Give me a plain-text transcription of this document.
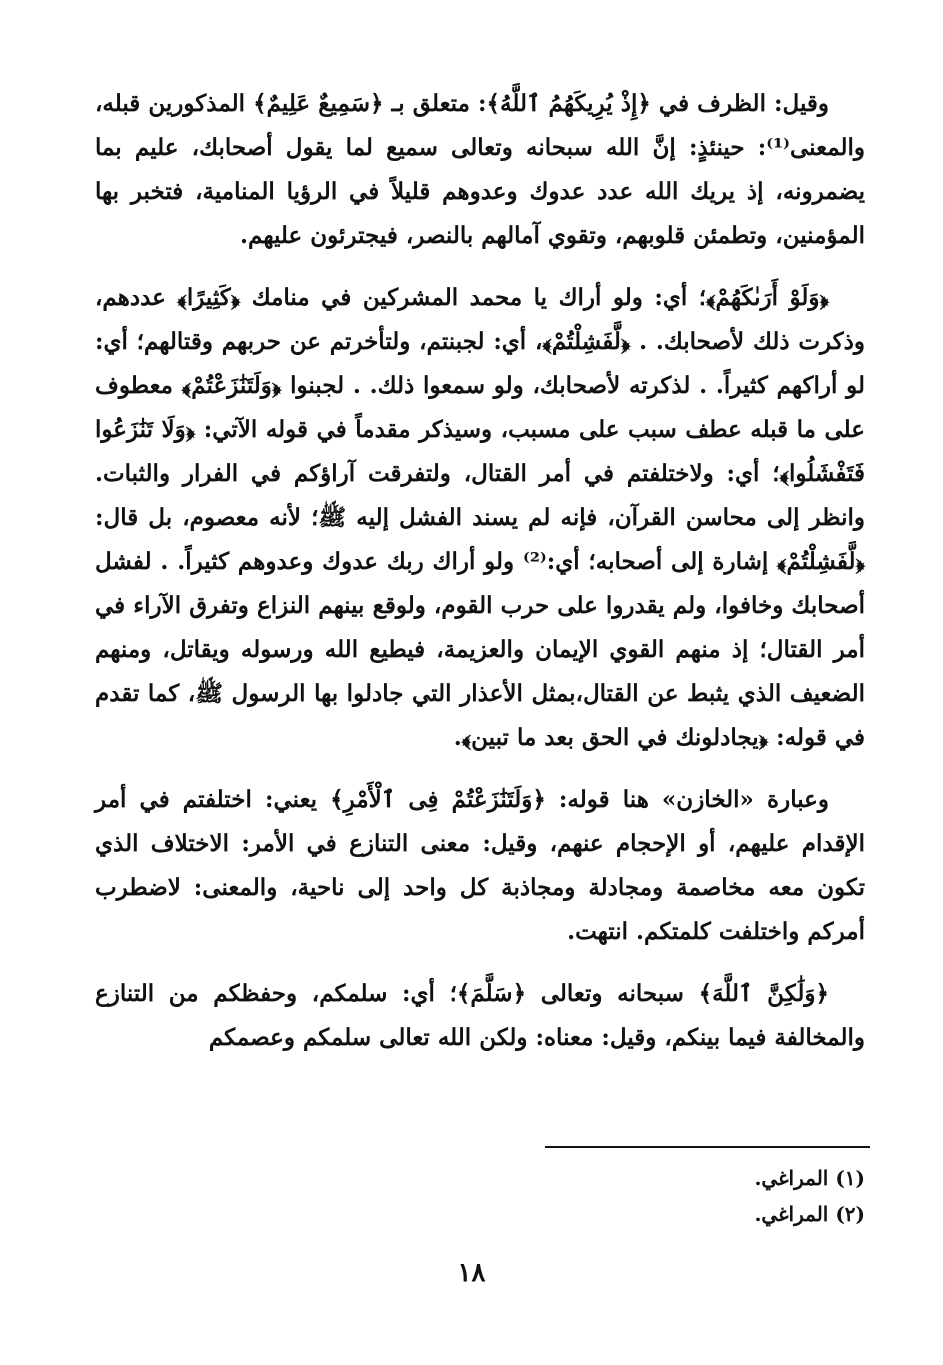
وقيل: الظرف في ﴿إِذْ يُرِيكَهُمُ ٱللَّهُ﴾: متعلق بـ ﴿سَمِيعٌ عَلِيمٌ﴾ المذكورين قبله، والمعنى⁽¹⁾: حينئذٍ: إنَّ الله سبحانه وتعالى سميع لما يقول أصحابك، عليم بما يضمرونه، إذ يريك الله عدد عدوك وعدوهم قليلاً في الرؤيا المنامية، فتخبر بها المؤمنين، وتطمئن قلوبهم، وتقوي آمالهم بالنصر، فيجترئون عليهم.

﴿وَلَوْ أَرَىٰكَهُمْ﴾؛ أي: ولو أراك يا محمد المشركين في منامك ﴿كَثِيرًا﴾ عددهم، وذكرت ذلك لأصحابك. . ﴿لَّفَشِلْتُمْ﴾، أي: لجبنتم، ولتأخرتم عن حربهم وقتالهم؛ أي: لو أراكهم كثيراً. . لذكرته لأصحابك، ولو سمعوا ذلك. . لجبنوا ﴿وَلَتَنَٰزَعْتُمْ﴾ معطوف على ما قبله عطف سبب على مسبب، وسيذكر مقدماً في قوله الآتي: ﴿وَلَا تَنَٰزَعُوا فَتَفْشَلُوا﴾؛ أي: ولاختلفتم في أمر القتال، ولتفرقت آراؤكم في الفرار والثبات. وانظر إلى محاسن القرآن، فإنه لم يسند الفشل إليه ﷺ؛ لأنه معصوم، بل قال: ﴿لَّفَشِلْتُمْ﴾ إشارة إلى أصحابه؛ أي:⁽²⁾ ولو أراك ربك عدوك وعدوهم كثيراً. . لفشل أصحابك وخافوا، ولم يقدروا على حرب القوم، ولوقع بينهم النزاع وتفرق الآراء في أمر القتال؛ إذ منهم القوي الإيمان والعزيمة، فيطيع الله ورسوله ويقاتل، ومنهم الضعيف الذي يثبط عن القتال،بمثل الأعذار التي جادلوا بها الرسول ﷺ، كما تقدم في قوله: ﴿يجادلونك في الحق بعد ما تبين﴾.

وعبارة «الخازن» هنا قوله: ﴿وَلَتَنَٰزَعْتُمْ فِى ٱلْأَمْرِ﴾ يعني: اختلفتم في أمر الإقدام عليهم، أو الإحجام عنهم، وقيل: معنى التنازع في الأمر: الاختلاف الذي تكون معه مخاصمة ومجادلة ومجاذبة كل واحد إلى ناحية، والمعنى: لاضطرب أمركم واختلفت كلمتكم. انتهت.

﴿وَلَٰكِنَّ ٱللَّهَ﴾ سبحانه وتعالى ﴿سَلَّمَ﴾؛ أي: سلمكم، وحفظكم من التنازع والمخالفة فيما بينكم، وقيل: معناه: ولكن الله تعالى سلمكم وعصمكم

(١) المراغي.
(٢) المراغي.
١٨
